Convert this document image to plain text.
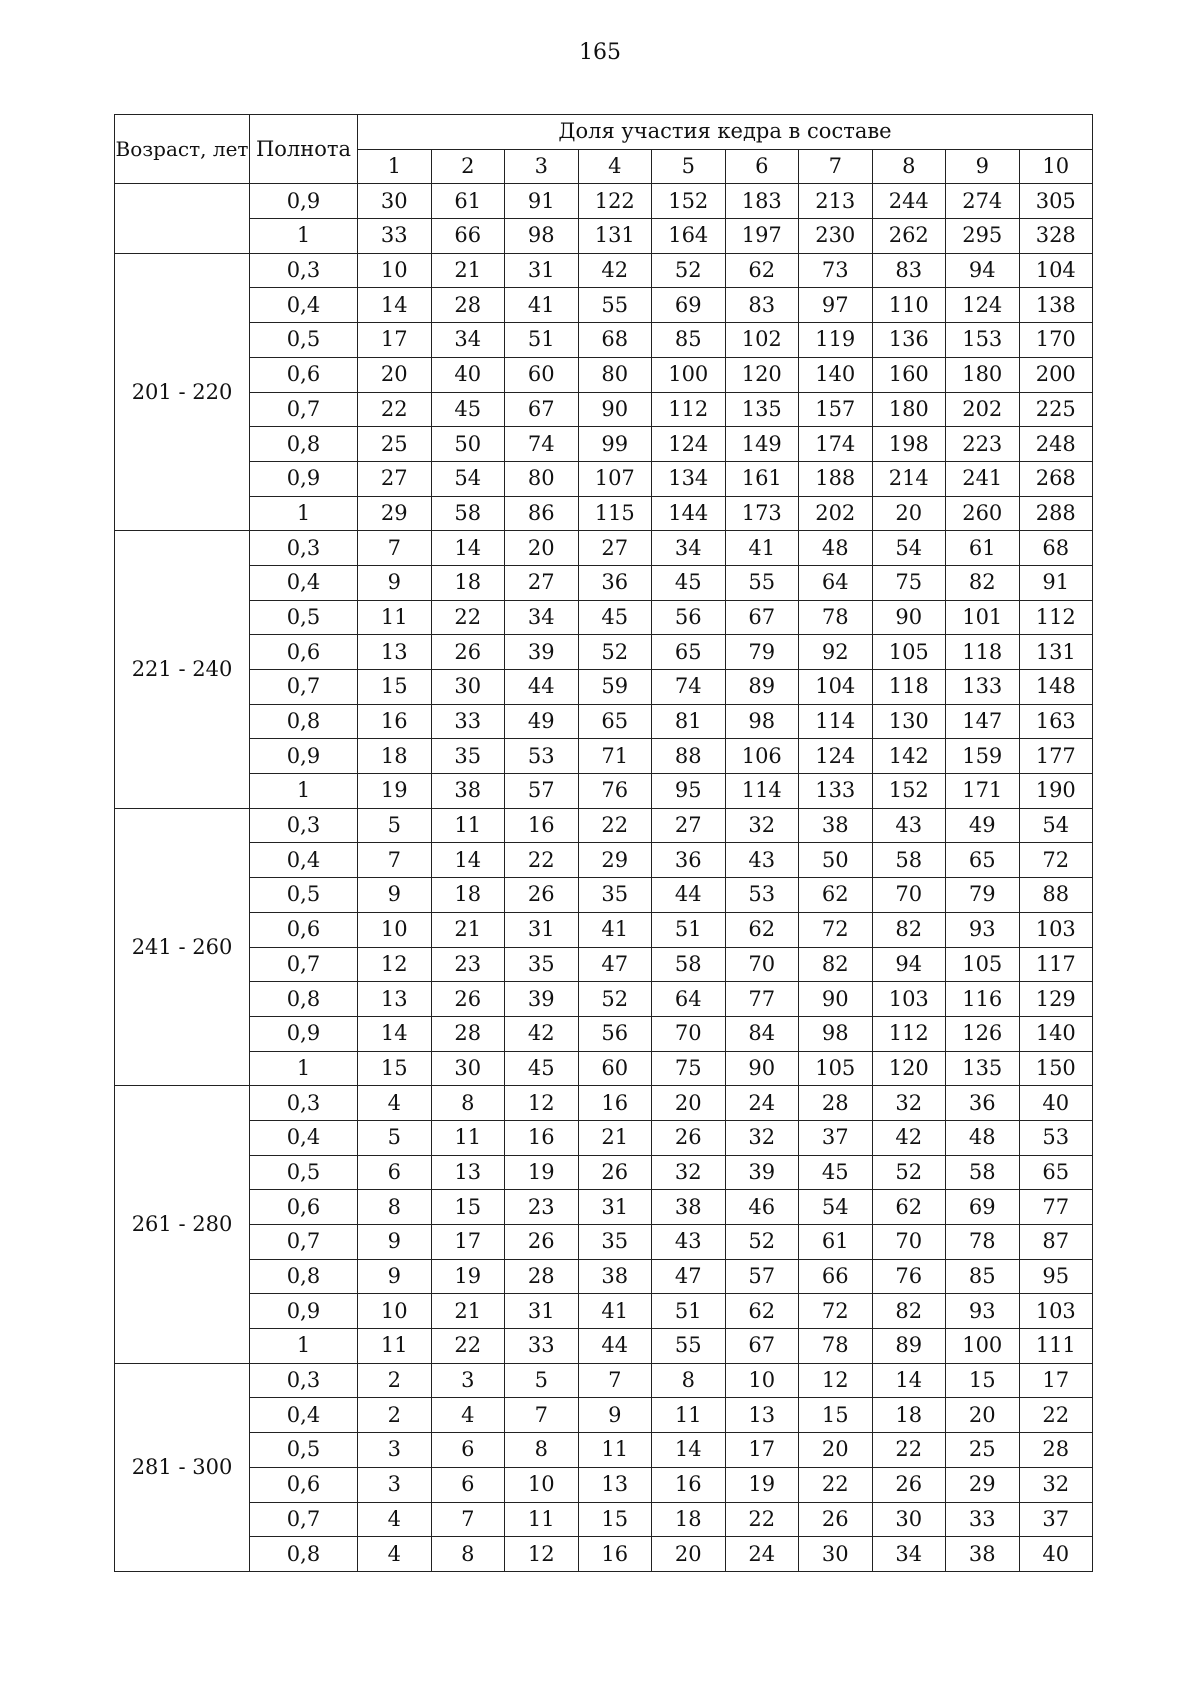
165
Возраст, лет	Полнота	Доля участия кедра в составе									
		1	2	3	4	5	6	7	8	9	10
	0,9	30	61	91	122	152	183	213	244	274	305
	1	33	66	98	131	164	197	230	262	295	328
201 - 220	0,3	10	21	31	42	52	62	73	83	94	104
	0,4	14	28	41	55	69	83	97	110	124	138
	0,5	17	34	51	68	85	102	119	136	153	170
	0,6	20	40	60	80	100	120	140	160	180	200
	0,7	22	45	67	90	112	135	157	180	202	225
	0,8	25	50	74	99	124	149	174	198	223	248
	0,9	27	54	80	107	134	161	188	214	241	268
	1	29	58	86	115	144	173	202	20	260	288
221 - 240	0,3	7	14	20	27	34	41	48	54	61	68
	0,4	9	18	27	36	45	55	64	75	82	91
	0,5	11	22	34	45	56	67	78	90	101	112
	0,6	13	26	39	52	65	79	92	105	118	131
	0,7	15	30	44	59	74	89	104	118	133	148
	0,8	16	33	49	65	81	98	114	130	147	163
	0,9	18	35	53	71	88	106	124	142	159	177
	1	19	38	57	76	95	114	133	152	171	190
241 - 260	0,3	5	11	16	22	27	32	38	43	49	54
	0,4	7	14	22	29	36	43	50	58	65	72
	0,5	9	18	26	35	44	53	62	70	79	88
	0,6	10	21	31	41	51	62	72	82	93	103
	0,7	12	23	35	47	58	70	82	94	105	117
	0,8	13	26	39	52	64	77	90	103	116	129
	0,9	14	28	42	56	70	84	98	112	126	140
	1	15	30	45	60	75	90	105	120	135	150
261 - 280	0,3	4	8	12	16	20	24	28	32	36	40
	0,4	5	11	16	21	26	32	37	42	48	53
	0,5	6	13	19	26	32	39	45	52	58	65
	0,6	8	15	23	31	38	46	54	62	69	77
	0,7	9	17	26	35	43	52	61	70	78	87
	0,8	9	19	28	38	47	57	66	76	85	95
	0,9	10	21	31	41	51	62	72	82	93	103
	1	11	22	33	44	55	67	78	89	100	111
281 - 300	0,3	2	3	5	7	8	10	12	14	15	17
	0,4	2	4	7	9	11	13	15	18	20	22
	0,5	3	6	8	11	14	17	20	22	25	28
	0,6	3	6	10	13	16	19	22	26	29	32
	0,7	4	7	11	15	18	22	26	30	33	37
	0,8	4	8	12	16	20	24	30	34	38	40
